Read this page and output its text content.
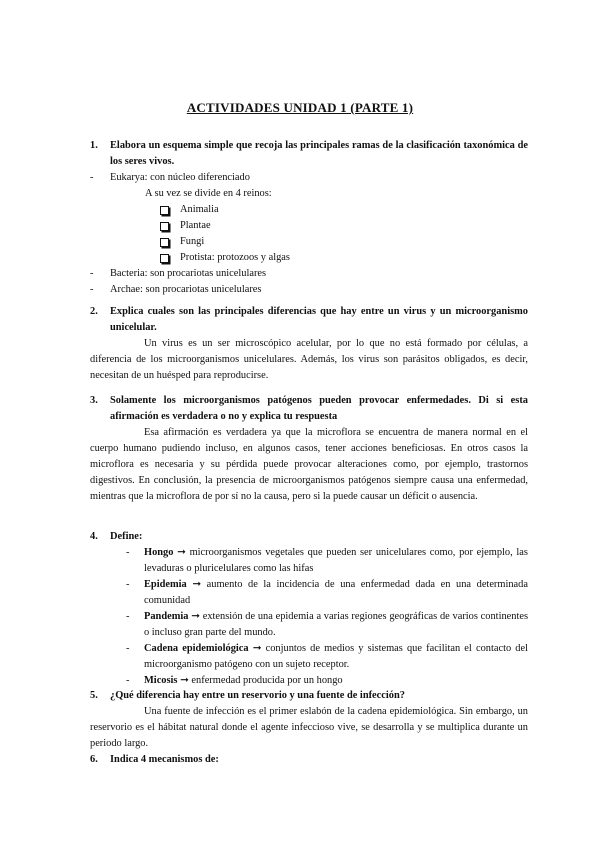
ACTIVIDADES UNIDAD 1 (PARTE 1)
1. Elabora un esquema simple que recoja las principales ramas de la clasificación taxonómica de los seres vivos.
- Eukarya: con núcleo diferenciado
A su vez se divide en 4 reinos:
Animalia
Plantae
Fungi
Protista: protozoos y algas
- Bacteria: son procariotas unicelulares
- Archae: son procariotas unicelulares
2. Explica cuales son las principales diferencias que hay entre un virus y un microorganismo unicelular.
Un virus es un ser microscópico acelular, por lo que no está formado por células, a diferencia de los microorganismos unicelulares. Además, los virus son parásitos obligados, es decir, necesitan de un huésped para reproducirse.
3. Solamente los microorganismos patógenos pueden provocar enfermedades. Di si esta afirmación es verdadera o no y explica tu respuesta
Esa afirmación es verdadera ya que la microflora se encuentra de manera normal en el cuerpo humano pudiendo incluso, en algunos casos, tener acciones beneficiosas. En otros casos la microflora es necesaria y su pérdida puede provocar alteraciones como, por ejemplo, trastornos digestivos. En conclusión, la presencia de microorganismos patógenos siempre causa una enfermedad, mientras que la microflora de por sí no la causa, pero si la puede causar un déficit o ausencia.
4. Define:
- Hongo ➞ microorganismos vegetales que pueden ser unicelulares como, por ejemplo, las levaduras o pluricelulares como las hifas
- Epidemia ➞ aumento de la incidencia de una enfermedad dada en una determinada comunidad
- Pandemia ➞ extensión de una epidemia a varias regiones geográficas de varios continentes o incluso gran parte del mundo.
- Cadena epidemiológica ➞ conjuntos de medios y sistemas que facilitan el contacto del microorganismo patógeno con un sujeto receptor.
- Micosis ➞ enfermedad producida por un hongo
5. ¿Qué diferencia hay entre un reservorio y una fuente de infección?
Una fuente de infección es el primer eslabón de la cadena epidemiológica. Sin embargo, un reservorio es el hábitat natural donde el agente infeccioso vive, se desarrolla y se multiplica durante un periodo largo.
6. Indica 4 mecanismos de:
